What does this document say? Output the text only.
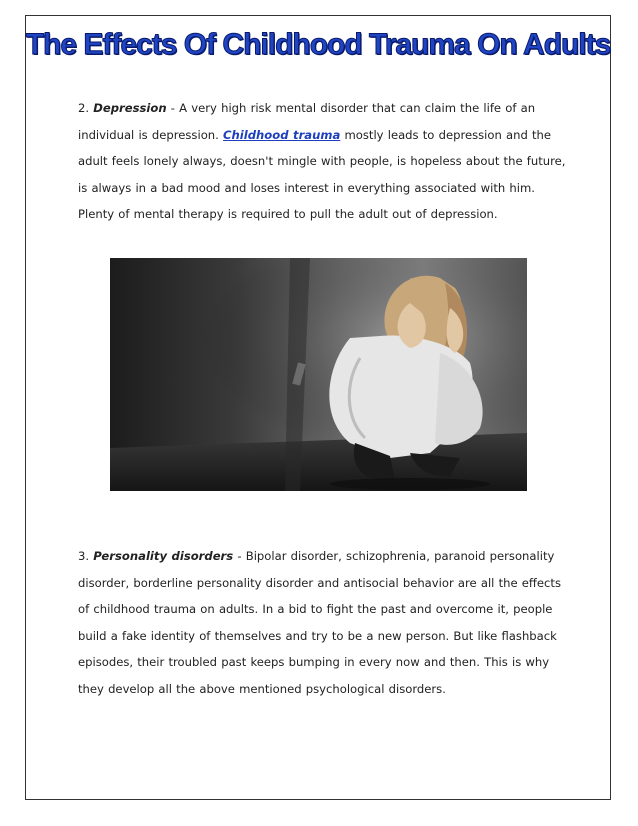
The Effects Of Childhood Trauma On Adults

2. Depression - A very high risk mental disorder that can claim the life of an individual is depression. Childhood trauma mostly leads to depression and the adult feels lonely always, doesn't mingle with people, is hopeless about the future, is always in a bad mood and loses interest in everything associated with him. Plenty of mental therapy is required to pull the adult out of depression.

3. Personality disorders - Bipolar disorder, schizophrenia, paranoid personality disorder, borderline personality disorder and antisocial behavior are all the effects of childhood trauma on adults. In a bid to fight the past and overcome it, people build a fake identity of themselves and try to be a new person. But like flashback episodes, their troubled past keeps bumping in every now and then. This is why they develop all the above mentioned psychological disorders.
